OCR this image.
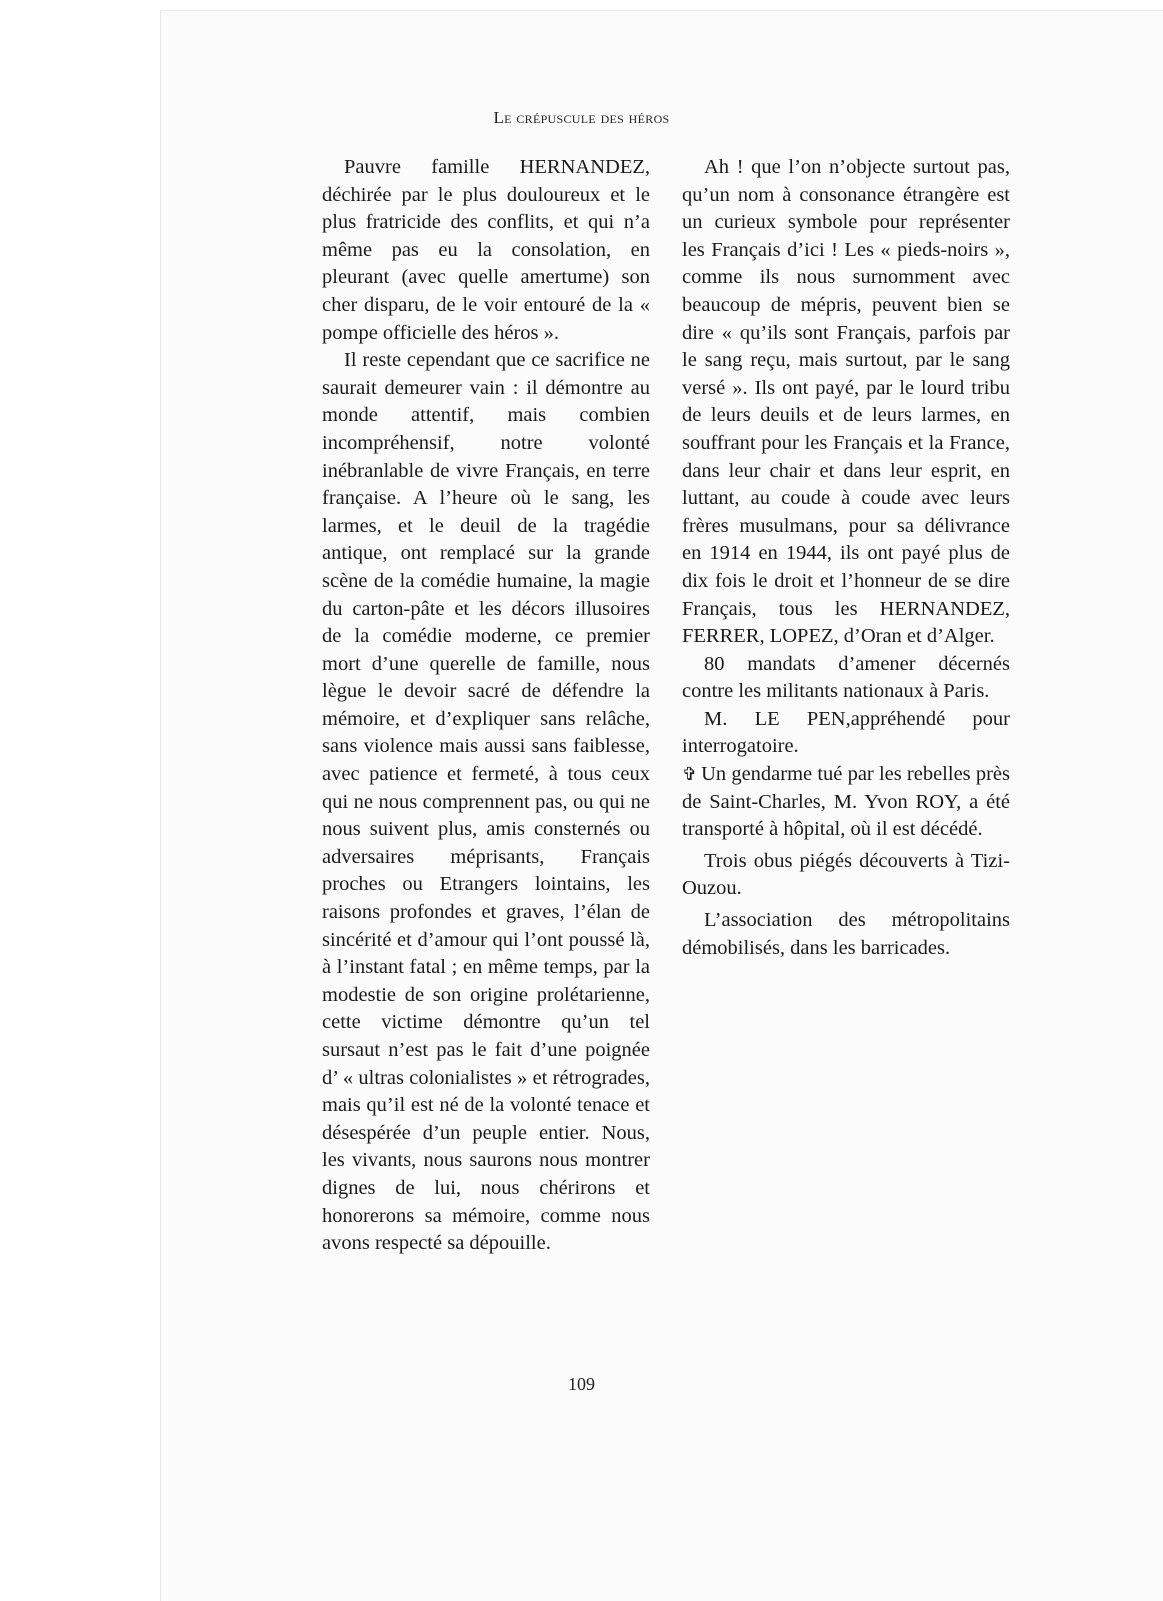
Le crépuscule des héros

Pauvre famille HERNANDEZ, déchirée par le plus douloureux et le plus fratricide des conflits, et qui n’a même pas eu la consolation, en pleurant (avec quelle amertume) son cher disparu, de le voir entouré de la « pompe officielle des héros ».

Il reste cependant que ce sacrifice ne saurait demeurer vain : il démontre au monde attentif, mais combien incompréhensif, notre volonté inébranlable de vivre Français, en terre française. A l’heure où le sang, les larmes, et le deuil de la tragédie antique, ont remplacé sur la grande scène de la comédie humaine, la magie du carton-pâte et les décors illusoires de la comédie moderne, ce premier mort d’une querelle de famille, nous lègue le devoir sacré de défendre la mémoire, et d’expliquer sans relâche, sans violence mais aussi sans faiblesse, avec patience et fermeté, à tous ceux qui ne nous comprennent pas, ou qui ne nous suivent plus, amis consternés ou adversaires méprisants, Français proches ou Etrangers lointains, les raisons profondes et graves, l’élan de sincérité et d’amour qui l’ont poussé là, à l’instant fatal ; en même temps, par la modestie de son origine prolétarienne, cette victime démontre qu’un tel sursaut n’est pas le fait d’une poignée d’ « ultras colonialistes » et rétrogrades, mais qu’il est né de la volonté tenace et désespérée d’un peuple entier. Nous, les vivants, nous saurons nous montrer dignes de lui, nous chérirons et honorerons sa mémoire, comme nous avons respecté sa dépouille.

Ah ! que l’on n’objecte surtout pas, qu’un nom à consonance étrangère est un curieux symbole pour représenter les Français d’ici ! Les « pieds-noirs », comme ils nous surnomment avec beaucoup de mépris, peuvent bien se dire « qu’ils sont Français, parfois par le sang reçu, mais surtout, par le sang versé ». Ils ont payé, par le lourd tribu de leurs deuils et de leurs larmes, en souffrant pour les Français et la France, dans leur chair et dans leur esprit, en luttant, au coude à coude avec leurs frères musulmans, pour sa délivrance en 1914 en 1944, ils ont payé plus de dix fois le droit et l’honneur de se dire Français, tous les HERNANDEZ, FERRER, LOPEZ, d’Oran et d’Alger.

80 mandats d’amener décernés contre les militants nationaux à Paris.

M. LE PEN,appréhendé pour interrogatoire.

✞ Un gendarme tué par les rebelles près de Saint-Charles, M. Yvon ROY, a été transporté à hôpital, où il est décédé.

Trois obus piégés découverts à Tizi-Ouzou.

L’association des métropolitains démobilisés, dans les barricades.

109
